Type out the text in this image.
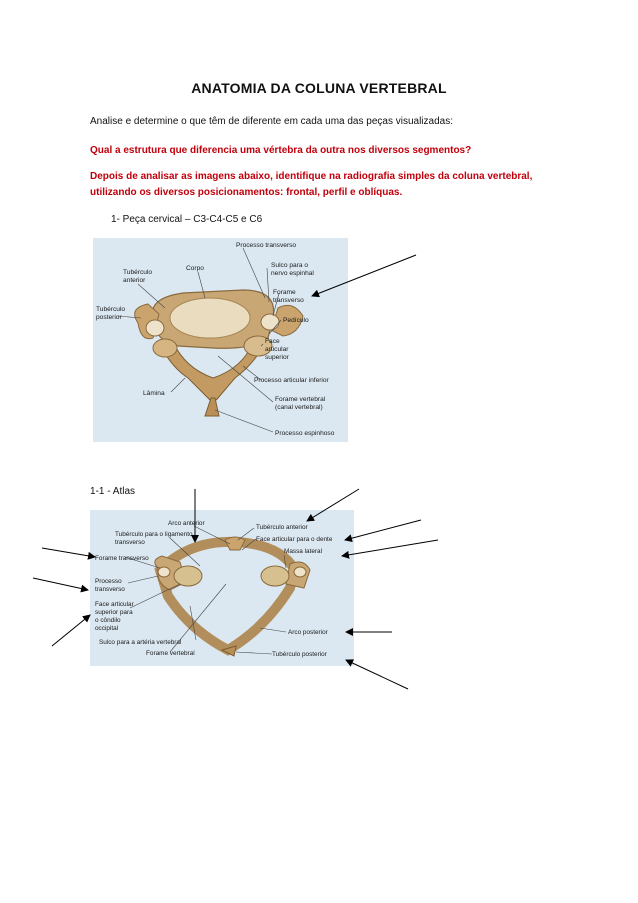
ANATOMIA DA COLUNA VERTEBRAL
Analise e determine o que têm de diferente em cada uma das peças visualizadas:
Qual a estrutura que diferencia uma vértebra da outra nos diversos segmentos?
Depois de analisar as imagens abaixo, identifique na radiografia simples da coluna vertebral,
utilizando os diversos posicionamentos: frontal, perfil e oblíquas.
1- Peça cervical – C3-C4-C5 e C6
Processo transverso
Tubérculo
anterior
Corpo	Sulco para o
nervo espinhal
Forame
transverso
Tubérculo
posterior	Pedículo
Face
articular
superior
Processo articular inferior
Lâmina
Forame vertebral
(canal vertebral)
Processo espinhoso
1-1 - Atlas
Arco anterior
Tubérculo para o ligamento
transverso
Tubérculo anterior
Face articular para o dente
Forame transverso
Massa lateral
Processo
transverso
Face articular
superior para
o côndilo
occipital
Arco posterior
Sulco para a artéria vertebral
Forame vertebral	Tubérculo posterior
